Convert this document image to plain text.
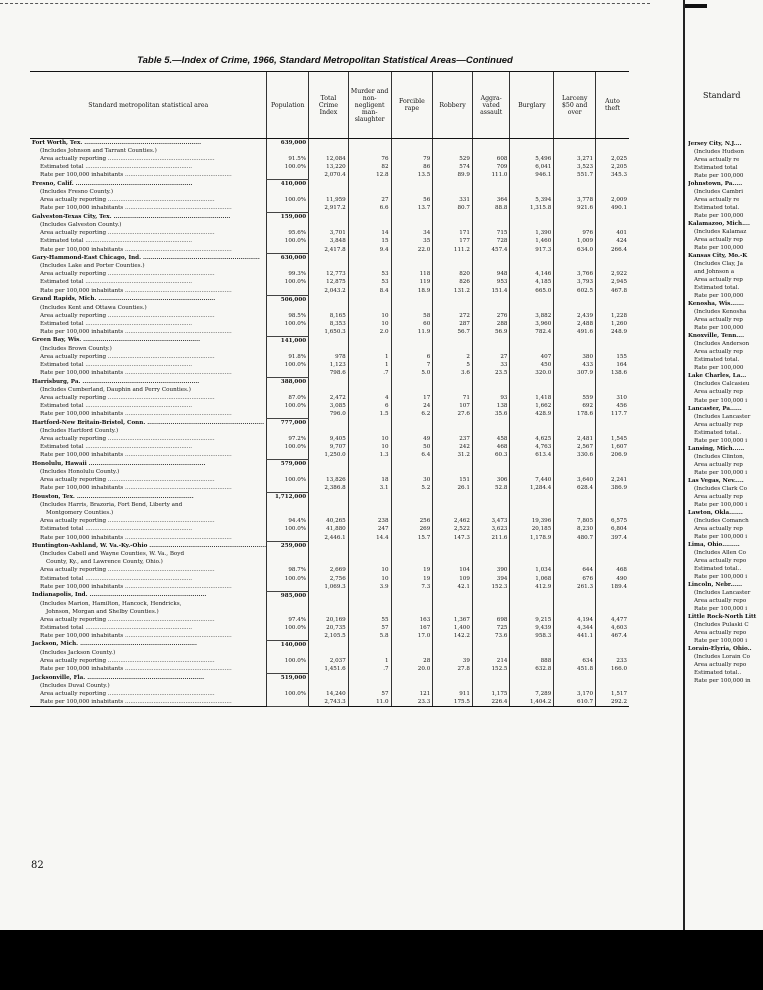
Table 5.—Index of Crime, 1966, Standard Metropolitan Statistical Areas—Continued
Standard metropolitan statistical area	Population	Total Crime Index	Murder and non-negligent man-slaughter	Forcible rape	Robbery	Aggra-vated assault	Burglary	Larceny $50 and over	Auto theft
Fort Worth, Tex. ............................................................	639,000								
(Includes Johnson and Tarrant Counties.)									
Area actually reporting ............................................................	91.5%	12,084	76	79	529	608	5,496	3,271	2,025
Estimated total ............................................................	100.0%	13,220	82	86	574	709	6,041	3,523	2,205
Rate per 100,000 inhabitants ............................................................		2,070.4	12.8	13.5	89.9	111.0	946.1	551.7	345.3
Fresno, Calif. ............................................................	410,000								
(Includes Fresno County.)									
Area actually reporting ............................................................	100.0%	11,959	27	56	331	364	5,394	3,778	2,009
Rate per 100,000 inhabitants ............................................................		2,917.2	6.6	13.7	80.7	88.8	1,315.8	921.6	490.1
Galveston-Texas City, Tex. ............................................................	159,000								
(Includes Galveston County.)									
Area actually reporting ............................................................	95.6%	3,701	14	34	171	715	1,390	976	401
Estimated total ............................................................	100.0%	3,848	15	35	177	728	1,460	1,009	424
Rate per 100,000 inhabitants ............................................................		2,417.8	9.4	22.0	111.2	457.4	917.3	634.0	266.4
Gary-Hammond-East Chicago, Ind. ............................................................	630,000								
(Includes Lake and Porter Counties.)									
Area actually reporting ............................................................	99.3%	12,773	53	118	820	948	4,146	3,766	2,922
Estimated total ............................................................	100.0%	12,875	53	119	826	953	4,185	3,793	2,945
Rate per 100,000 inhabitants ............................................................		2,043.2	8.4	18.9	131.2	151.4	665.0	602.5	467.8
Grand Rapids, Mich. ............................................................	506,000								
(Includes Kent and Ottawa Counties.)									
Area actually reporting ............................................................	98.5%	8,165	10	58	272	276	3,882	2,439	1,228
Estimated total ............................................................	100.0%	8,353	10	60	287	288	3,960	2,488	1,260
Rate per 100,000 inhabitants ............................................................		1,650.3	2.0	11.9	56.7	56.9	782.4	491.6	248.9
Green Bay, Wis. ............................................................	141,000								
(Includes Brown County.)									
Area actually reporting ............................................................	91.8%	978	1	6	2	27	407	380	155
Estimated total ............................................................	100.0%	1,123	1	7	5	33	450	433	164
Rate per 100,000 inhabitants ............................................................		798.6	.7	5.0	3.6	23.5	320.0	307.9	138.6
Harrisburg, Pa. ............................................................	388,000								
(Includes Cumberland, Dauphin and Perry Counties.)									
Area actually reporting ............................................................	87.0%	2,472	4	17	71	93	1,418	559	310
Estimated total ............................................................	100.0%	3,085	6	24	107	138	1,662	692	456
Rate per 100,000 inhabitants ............................................................		796.0	1.5	6.2	27.6	35.6	428.9	178.6	117.7
Hartford-New Britain-Bristol, Conn. ............................................................	777,000								
(Includes Hartford County.)									
Area actually reporting ............................................................	97.2%	9,405	10	49	237	458	4,625	2,481	1,545
Estimated total ............................................................	100.0%	9,707	10	50	242	468	4,763	2,567	1,607
Rate per 100,000 inhabitants ............................................................		1,250.0	1.3	6.4	31.2	60.3	613.4	330.6	206.9
Honolulu, Hawaii ............................................................	579,000								
(Includes Honolulu County.)									
Area actually reporting ............................................................	100.0%	13,826	18	30	151	306	7,440	3,640	2,241
Rate per 100,000 inhabitants ............................................................		2,386.8	3.1	5.2	26.1	52.8	1,284.4	628.4	386.9
Houston, Tex. ............................................................	1,712,000								
(Includes Harris, Brazoria, Fort Bend, Liberty and									
Montgomery Counties.)									
Area actually reporting ............................................................	94.4%	40,265	238	256	2,462	3,473	19,396	7,805	6,575
Estimated total ............................................................	100.0%	41,880	247	269	2,522	3,623	20,185	8,230	6,804
Rate per 100,000 inhabitants ............................................................		2,446.1	14.4	15.7	147.3	211.6	1,178.9	480.7	397.4
Huntington-Ashland, W. Va.-Ky.-Ohio ............................................................	259,000								
(Includes Cabell and Wayne Counties, W. Va., Boyd									
County, Ky., and Lawrence County, Ohio.)									
Area actually reporting ............................................................	98.7%	2,669	10	19	104	390	1,034	644	468
Estimated total ............................................................	100.0%	2,756	10	19	109	394	1,068	676	490
Rate per 100,000 inhabitants ............................................................		1,069.3	3.9	7.3	42.1	152.3	412.9	261.3	189.4
Indianapolis, Ind. ............................................................	985,000								
(Includes Marion, Hamilton, Hancock, Hendricks,									
Johnson, Morgan and Shelby Counties.)									
Area actually reporting ............................................................	97.4%	20,169	55	163	1,367	698	9,215	4,194	4,477
Estimated total ............................................................	100.0%	20,735	57	167	1,400	725	9,439	4,344	4,603
Rate per 100,000 inhabitants ............................................................		2,105.5	5.8	17.0	142.2	73.6	958.3	441.1	467.4
Jackson, Mich. ............................................................	140,000								
(Includes Jackson County.)									
Area actually reporting ............................................................	100.0%	2,037	1	28	39	214	888	634	233
Rate per 100,000 inhabitants ............................................................		1,451.6	.7	20.0	27.8	152.5	632.8	451.8	166.0
Jacksonville, Fla. ............................................................	519,000								
(Includes Duval County.)									
Area actually reporting ............................................................	100.0%	14,240	57	121	911	1,175	7,289	3,170	1,517
Rate per 100,000 inhabitants ............................................................		2,743.3	11.0	23.3	175.5	226.4	1,404.2	610.7	292.2
82
Standard
Jersey City, N.J....
(Includes Hudson
Area actually re
Estimated total
Rate per 100,000
Johnstown, Pa.....
(Includes Cambri
Area actually re
Estimated total.
Rate per 100,000
Kalamazoo, Mich....
(Includes Kalamaz
Area actually rep
Rate per 100,000
Kansas City, Mo.-K
(Includes Clay, Ja
and Johnson a
Area actually rep
Estimated total.
Rate per 100,000
Kenosha, Wis.......
(Includes Kenosha
Area actually rep
Rate per 100,000
Knoxville, Tenn....
(Includes Anderson
Area actually rep
Estimated total.
Rate per 100,000
Lake Charles, La...
(Includes Calcasieu
Area actually rep
Rate per 100,000 i
Lancaster, Pa......
(Includes Lancaster
Area actually rep
Estimated total..
Rate per 100,000 i
Lansing, Mich......
(Includes Clinton,
Area actually rep
Rate per 100,000 i
Las Vegas, Nev.....
(Includes Clark Co
Area actually rep
Rate per 100,000 i
Lawton, Okla.......
(Includes Comanch
Area actually rep
Rate per 100,000 i
Lima, Ohio.........
(Includes Allen Co
Area actually repo
Estimated total..
Rate per 100,000 i
Lincoln, Nebr......
(Includes Lancaster
Area actually repo
Rate per 100,000 i
Little Rock-North Litt
(Includes Pulaski C
Area actually repo
Rate per 100,000 i
Lorain-Elyria, Ohio..
(Includes Lorain Co
Area actually repo
Estimated total..
Rate per 100,000 in
